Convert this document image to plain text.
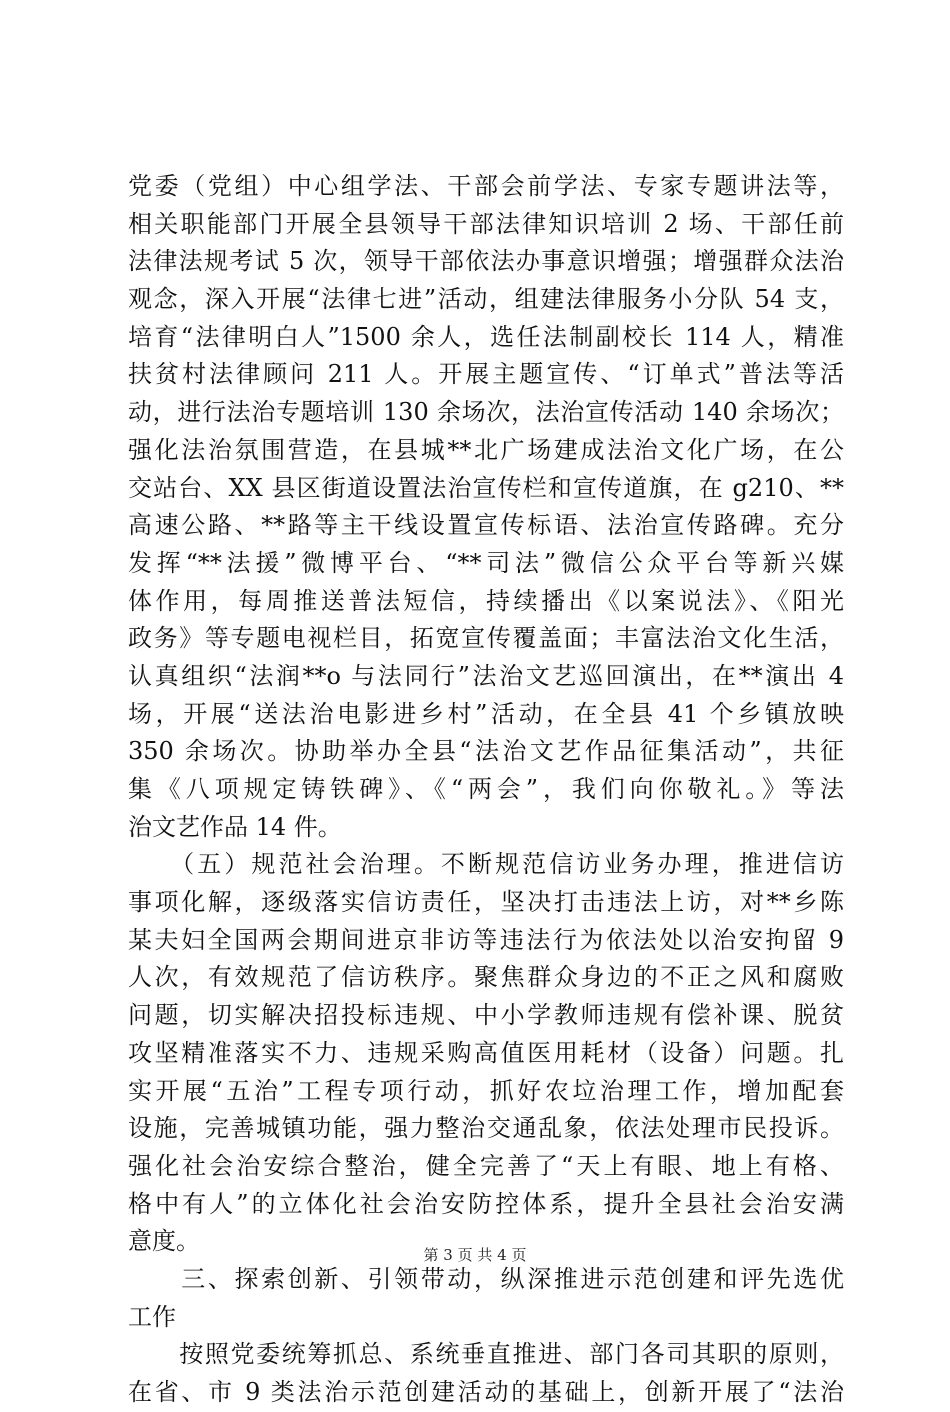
党委（党组）中心组学法、干部会前学法、专家专题讲法等，
相关职能部门开展全县领导干部法律知识培训 2 场、干部任前
法律法规考试 5 次，领导干部依法办事意识增强；增强群众法治
观念，深入开展“法律七进”活动，组建法律服务小分队 54 支，
培育“法律明白人”1500 余人，选任法制副校长 114 人，精准
扶贫村法律顾问 211 人。开展主题宣传、“订单式”普法等活
动，进行法治专题培训 130 余场次，法治宣传活动 140 余场次；
强化法治氛围营造，在县城**北广场建成法治文化广场，在公
交站台、XX 县区街道设置法治宣传栏和宣传道旗，在 g210、**
高速公路、**路等主干线设置宣传标语、法治宣传路碑。充分
发挥“**法援”微博平台、“**司法”微信公众平台等新兴媒
体作用，每周推送普法短信，持续播出《以案说法》、《阳光
政务》等专题电视栏目，拓宽宣传覆盖面；丰富法治文化生活，
认真组织“法润**o 与法同行”法治文艺巡回演出，在**演出 4
场，开展“送法治电影进乡村”活动，在全县 41 个乡镇放映
350 余场次。协助举办全县“法治文艺作品征集活动”，共征
集《八项规定铸铁碑》、《“两会”，我们向你敬礼。》等法
治文艺作品 14 件。
　　（五）规范社会治理。不断规范信访业务办理，推进信访
事项化解，逐级落实信访责任，坚决打击违法上访，对**乡陈
某夫妇全国两会期间进京非访等违法行为依法处以治安拘留 9
人次，有效规范了信访秩序。聚焦群众身边的不正之风和腐败
问题，切实解决招投标违规、中小学教师违规有偿补课、脱贫
攻坚精准落实不力、违规采购高值医用耗材（设备）问题。扎
实开展“五治”工程专项行动，抓好农垃治理工作，增加配套
设施，完善城镇功能，强力整治交通乱象，依法处理市民投诉。
强化社会治安综合整治，健全完善了“天上有眼、地上有格、
格中有人”的立体化社会治安防控体系，提升全县社会治安满
意度。
　　三、探索创新、引领带动，纵深推进示范创建和评先选优
工作
　　按照党委统筹抓总、系统垂直推进、部门各司其职的原则，
在省、市 9 类法治示范创建活动的基础上，创新开展了“法治
第 3 页 共 4 页
